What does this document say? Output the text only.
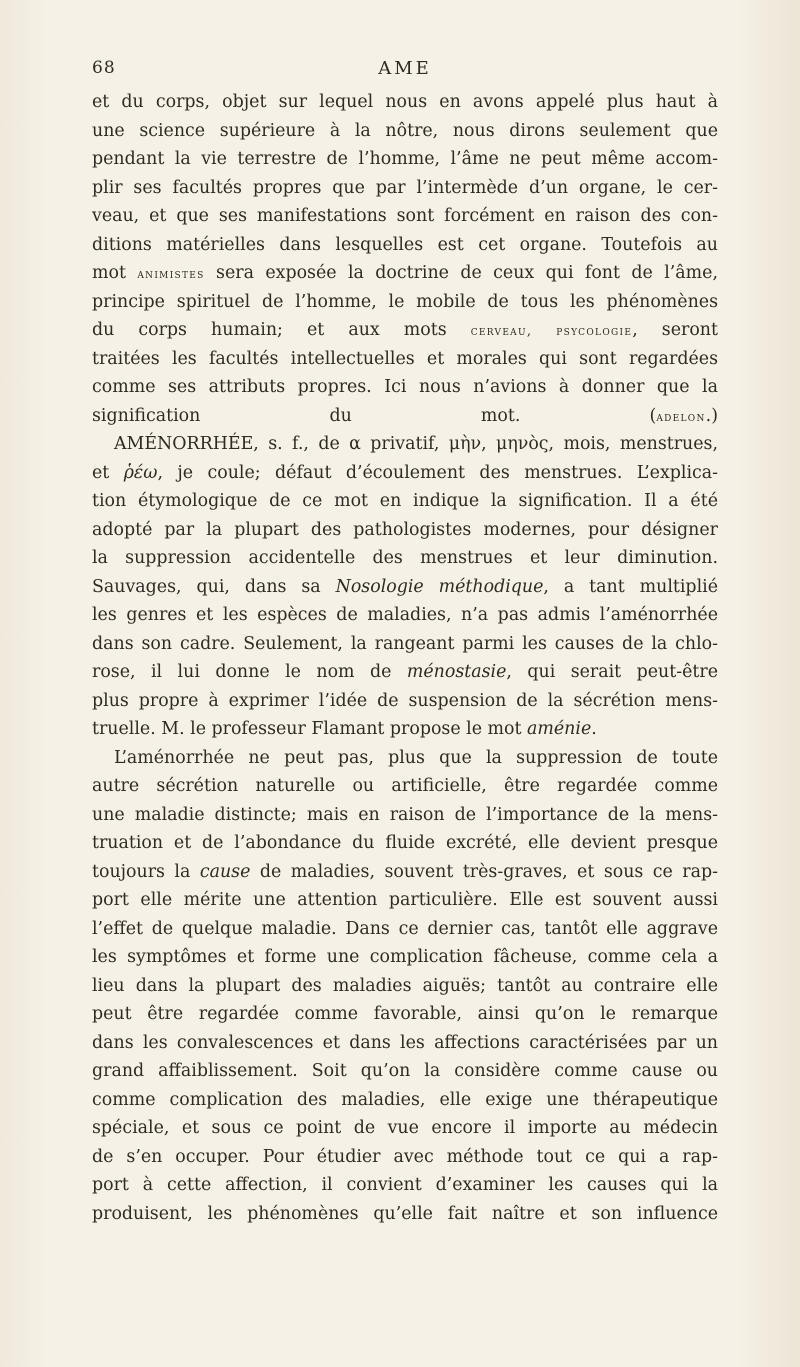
68	AME
et du corps, objet sur lequel nous en avons appelé plus haut à
une science supérieure à la nôtre, nous dirons seulement que
pendant la vie terrestre de l’homme, l’âme ne peut même accom-
plir ses facultés propres que par l’intermède d’un organe, le cer-
veau, et que ses manifestations sont forcément en raison des con-
ditions matérielles dans lesquelles est cet organe. Toutefois au
mot animistes sera exposée la doctrine de ceux qui font de l’âme,
principe spirituel de l’homme, le mobile de tous les phénomènes
du corps humain; et aux mots cerveau, psycologie, seront
traitées les facultés intellectuelles et morales qui sont regardées
comme ses attributs propres. Ici nous n’avions à donner que la
signification du mot. (adelon.)
AMÉNORRHÉE, s. f., de α privatif, μὴν, μηνὸς, mois, menstrues,
et ῥέω, je coule; défaut d’écoulement des menstrues. L’explica-
tion étymologique de ce mot en indique la signification. Il a été
adopté par la plupart des pathologistes modernes, pour désigner
la suppression accidentelle des menstrues et leur diminution.
Sauvages, qui, dans sa Nosologie méthodique, a tant multiplié
les genres et les espèces de maladies, n’a pas admis l’aménorrhée
dans son cadre. Seulement, la rangeant parmi les causes de la chlo-
rose, il lui donne le nom de ménostasie, qui serait peut-être
plus propre à exprimer l’idée de suspension de la sécrétion mens-
truelle. M. le professeur Flamant propose le mot aménie.
L’aménorrhée ne peut pas, plus que la suppression de toute
autre sécrétion naturelle ou artificielle, être regardée comme
une maladie distincte; mais en raison de l’importance de la mens-
truation et de l’abondance du fluide excrété, elle devient presque
toujours la cause de maladies, souvent très-graves, et sous ce rap-
port elle mérite une attention particulière. Elle est souvent aussi
l’effet de quelque maladie. Dans ce dernier cas, tantôt elle aggrave
les symptômes et forme une complication fâcheuse, comme cela a
lieu dans la plupart des maladies aiguës; tantôt au contraire elle
peut être regardée comme favorable, ainsi qu’on le remarque
dans les convalescences et dans les affections caractérisées par un
grand affaiblissement. Soit qu’on la considère comme cause ou
comme complication des maladies, elle exige une thérapeutique
spéciale, et sous ce point de vue encore il importe au médecin
de s’en occuper. Pour étudier avec méthode tout ce qui a rap-
port à cette affection, il convient d’examiner les causes qui la
produisent, les phénomènes qu’elle fait naître et son influence
